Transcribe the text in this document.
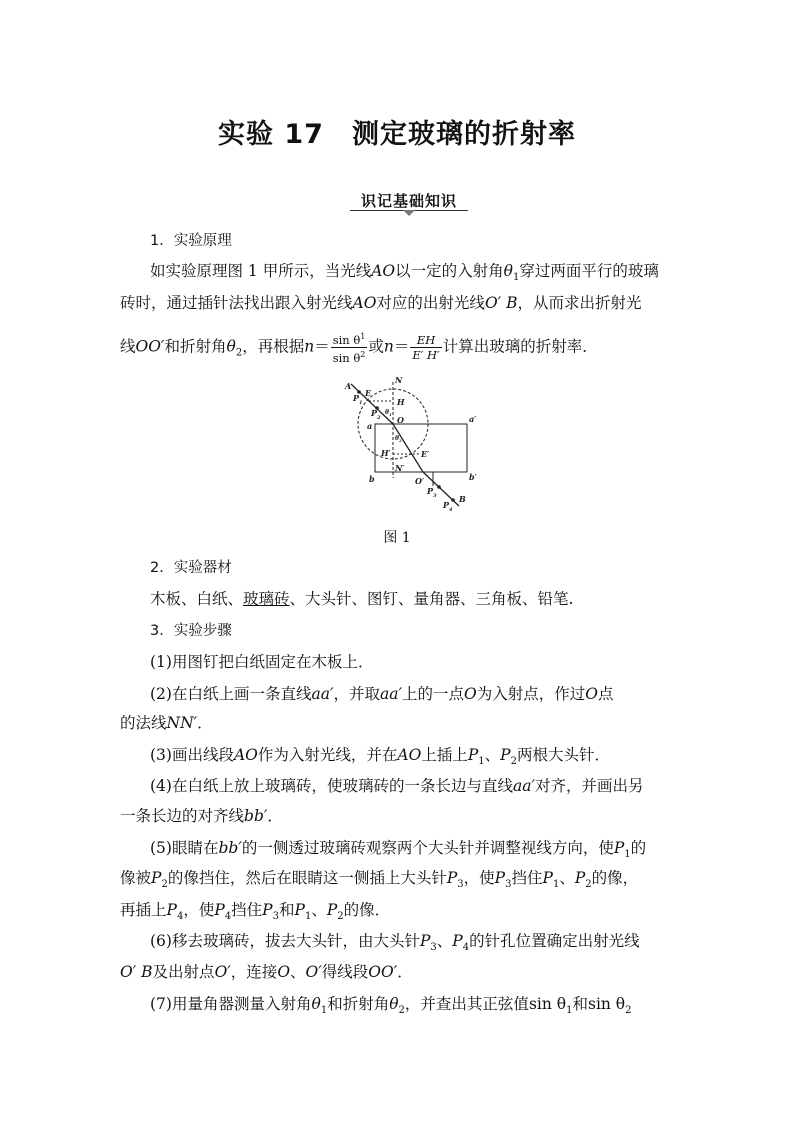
实验 17　测定玻璃的折射率
识记基础知识
1．实验原理
如实验原理图 1 甲所示，当光线AO以一定的入射角$\theta_1$穿过两面平行的玻璃
砖时，通过插针法找出跟入射光线AO对应的出射光线O′ B，从而求出折射光
线OO′和折射角$\theta_2$，再根据$n= \frac{\sin \theta^1}{\sin \theta^2}$ 或$n= \frac{EH}{E' H'}$ 计算出玻璃的折射率．
A
N
P 1
E
H
P 2 O
a
θ 1
θ 2
a′
H′	E′
N′
b	b′
O′
P 3
P 4
B
图 1
2．实验器材
木板、白纸、玻璃砖、大头针、图钉、量角器、三角板、铅笔.
3．实验步骤
(1)用图钉把白纸固定在木板上．
(2)在白纸上画一条直线aa′，并取aa′上的一点O为入射点，作过O点
的法线NN′．
(3)画出线段AO作为入射光线，并在AO上插上$P_1$、$P_2$两根大头针．
(4)在白纸上放上玻璃砖，使玻璃砖的一条长边与直线aa′对齐，并画出另
一条长边的对齐线bb′．
(5)眼睛在bb′的一侧透过玻璃砖观察两个大头针并调整视线方向，使$P_1$的
像被$P_2$的像挡住，然后在眼睛这一侧插上大头针$P_3$，使$P_3$挡住$P_1$、$P_2$的像，
再插上$P_4$，使$P_4$挡住$P_3$和$P_1$、$P_2$的像．
(6)移去玻璃砖，拔去大头针，由大头针$P_3$、$P_4$的针孔位置确定出射光线
O′ B及出射点O′，连接O、O′得线段OO′．
(7)用量角器测量入射角$\theta_1$和折射角$\theta_2$，并查出其正弦值$\sin \theta_1$和$\sin \theta_2$
